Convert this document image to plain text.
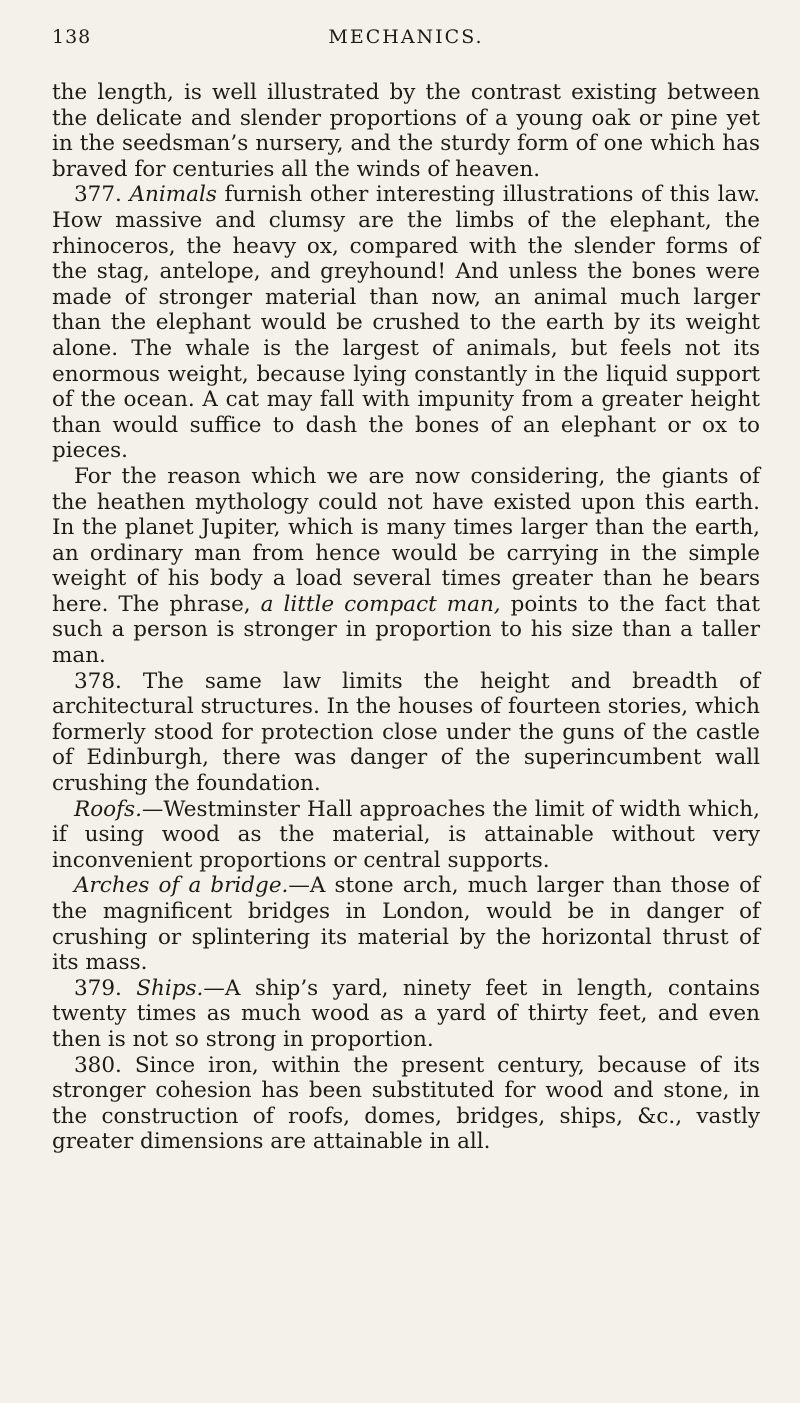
138	MECHANICS.

the length, is well illustrated by the contrast existing between the delicate and slender proportions of a young oak or pine yet in the seedsman’s nursery, and the sturdy form of one which has braved for centuries all the winds of heaven.

377. Animals furnish other interesting illustrations of this law. How massive and clumsy are the limbs of the elephant, the rhinoceros, the heavy ox, compared with the slender forms of the stag, antelope, and greyhound! And unless the bones were made of stronger material than now, an animal much larger than the elephant would be crushed to the earth by its weight alone. The whale is the largest of animals, but feels not its enormous weight, because lying constantly in the liquid support of the ocean. A cat may fall with impunity from a greater height than would suffice to dash the bones of an elephant or ox to pieces.

For the reason which we are now considering, the giants of the heathen mythology could not have existed upon this earth. In the planet Jupiter, which is many times larger than the earth, an ordinary man from hence would be carrying in the simple weight of his body a load several times greater than he bears here. The phrase, a little compact man, points to the fact that such a person is stronger in proportion to his size than a taller man.

378. The same law limits the height and breadth of architectural structures. In the houses of fourteen stories, which formerly stood for protection close under the guns of the castle of Edinburgh, there was danger of the superincumbent wall crushing the foundation.

Roofs.—Westminster Hall approaches the limit of width which, if using wood as the material, is attainable without very inconvenient proportions or central supports.

Arches of a bridge.—A stone arch, much larger than those of the magnificent bridges in London, would be in danger of crushing or splintering its material by the horizontal thrust of its mass.

379. Ships.—A ship’s yard, ninety feet in length, contains twenty times as much wood as a yard of thirty feet, and even then is not so strong in proportion.

380. Since iron, within the present century, because of its stronger cohesion has been substituted for wood and stone, in the construction of roofs, domes, bridges, ships, &c., vastly greater dimensions are attainable in all.
